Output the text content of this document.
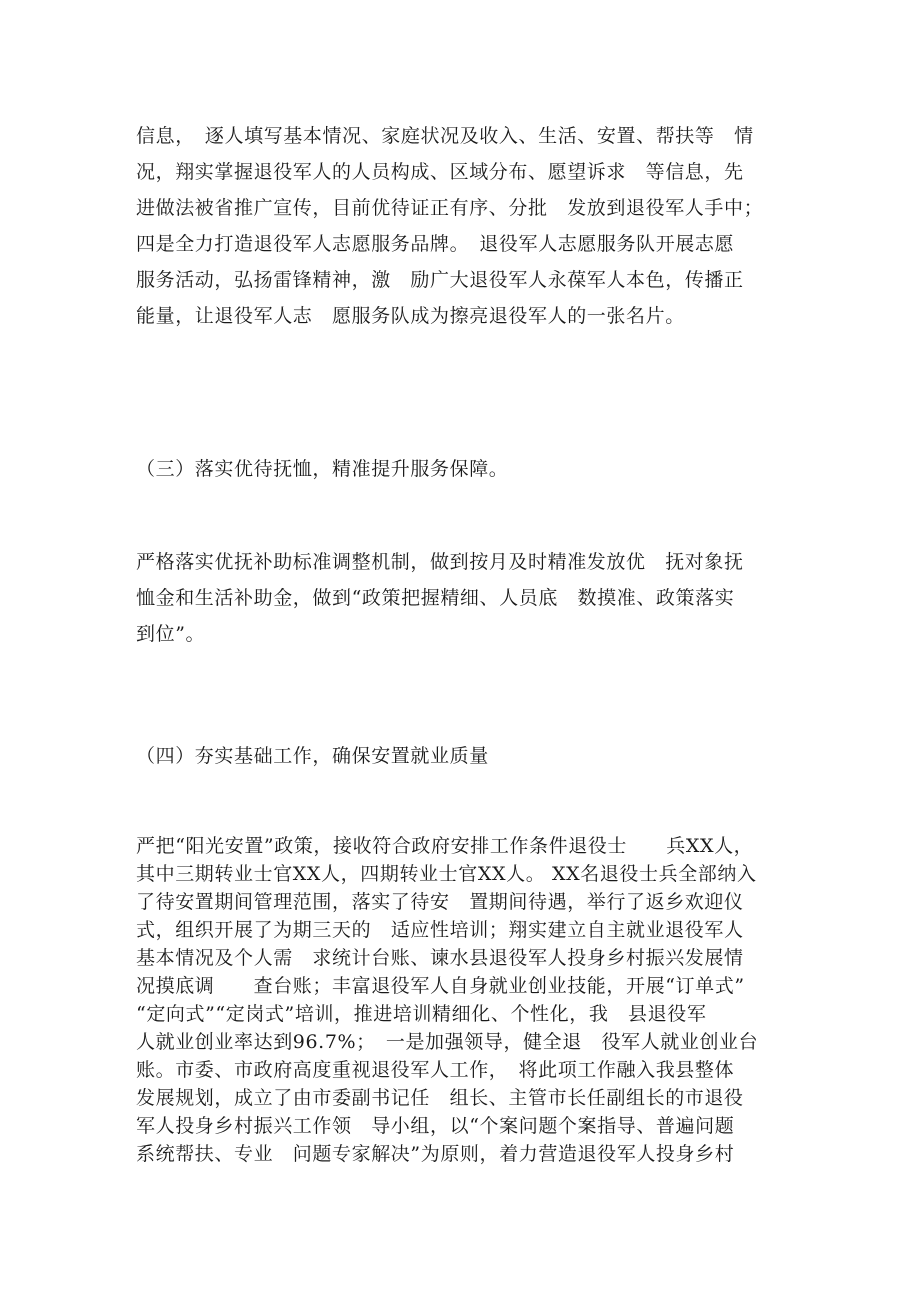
信息，　逐人填写基本情况、家庭状况及收入、生活、安置、帮扶等　情

况，翔实掌握退役军人的人员构成、区域分布、愿望诉求　等信息，先

进做法被省推广宣传，目前优待证正有序、分批　发放到退役军人手中；

四是全力打造退役军人志愿服务品牌。　退役军人志愿服务队开展志愿

服务活动，弘扬雷锋精神，激　励广大退役军人永葆军人本色，传播正

能量，让退役军人志　愿服务队成为擦亮退役军人的一张名片。

（三）落实优待抚恤，精准提升服务保障。

严格落实优抚补助标准调整机制，做到按月及时精准发放优　抚对象抚

恤金和生活补助金，做到“政策把握精细、人员底　数摸准、政策落实

到位”。

（四）夯实基础工作，确保安置就业质量

严把“阳光安置”政策，接收符合政府安排工作条件退役士　　兵XX人，

其中三期转业士官XX人，四期转业士官XX人。 XX名退役士兵全部纳入

了待安置期间管理范围，落实了待安　置期间待遇，举行了返乡欢迎仪

式，组织开展了为期三天的　适应性培训；翔实建立自主就业退役军人

基本情况及个人需　求统计台账、谏水县退役军人投身乡村振兴发展情

况摸底调　　查台账；丰富退役军人自身就业创业技能，开展“订单式”

“定向式”“定岗式”培训，推进培训精细化、个性化，我　县退役军

人就业创业率达到96.7%；　一是加强领导，健全退　役军人就业创业台

账。市委、市政府高度重视退役军人工作，　将此项工作融入我县整体

发展规划，成立了由市委副书记任　组长、主管市长任副组长的市退役

军人投身乡村振兴工作领　导小组，以“个案问题个案指导、普遍问题

系统帮扶、专业　问题专家解决”为原则，着力营造退役军人投身乡村
